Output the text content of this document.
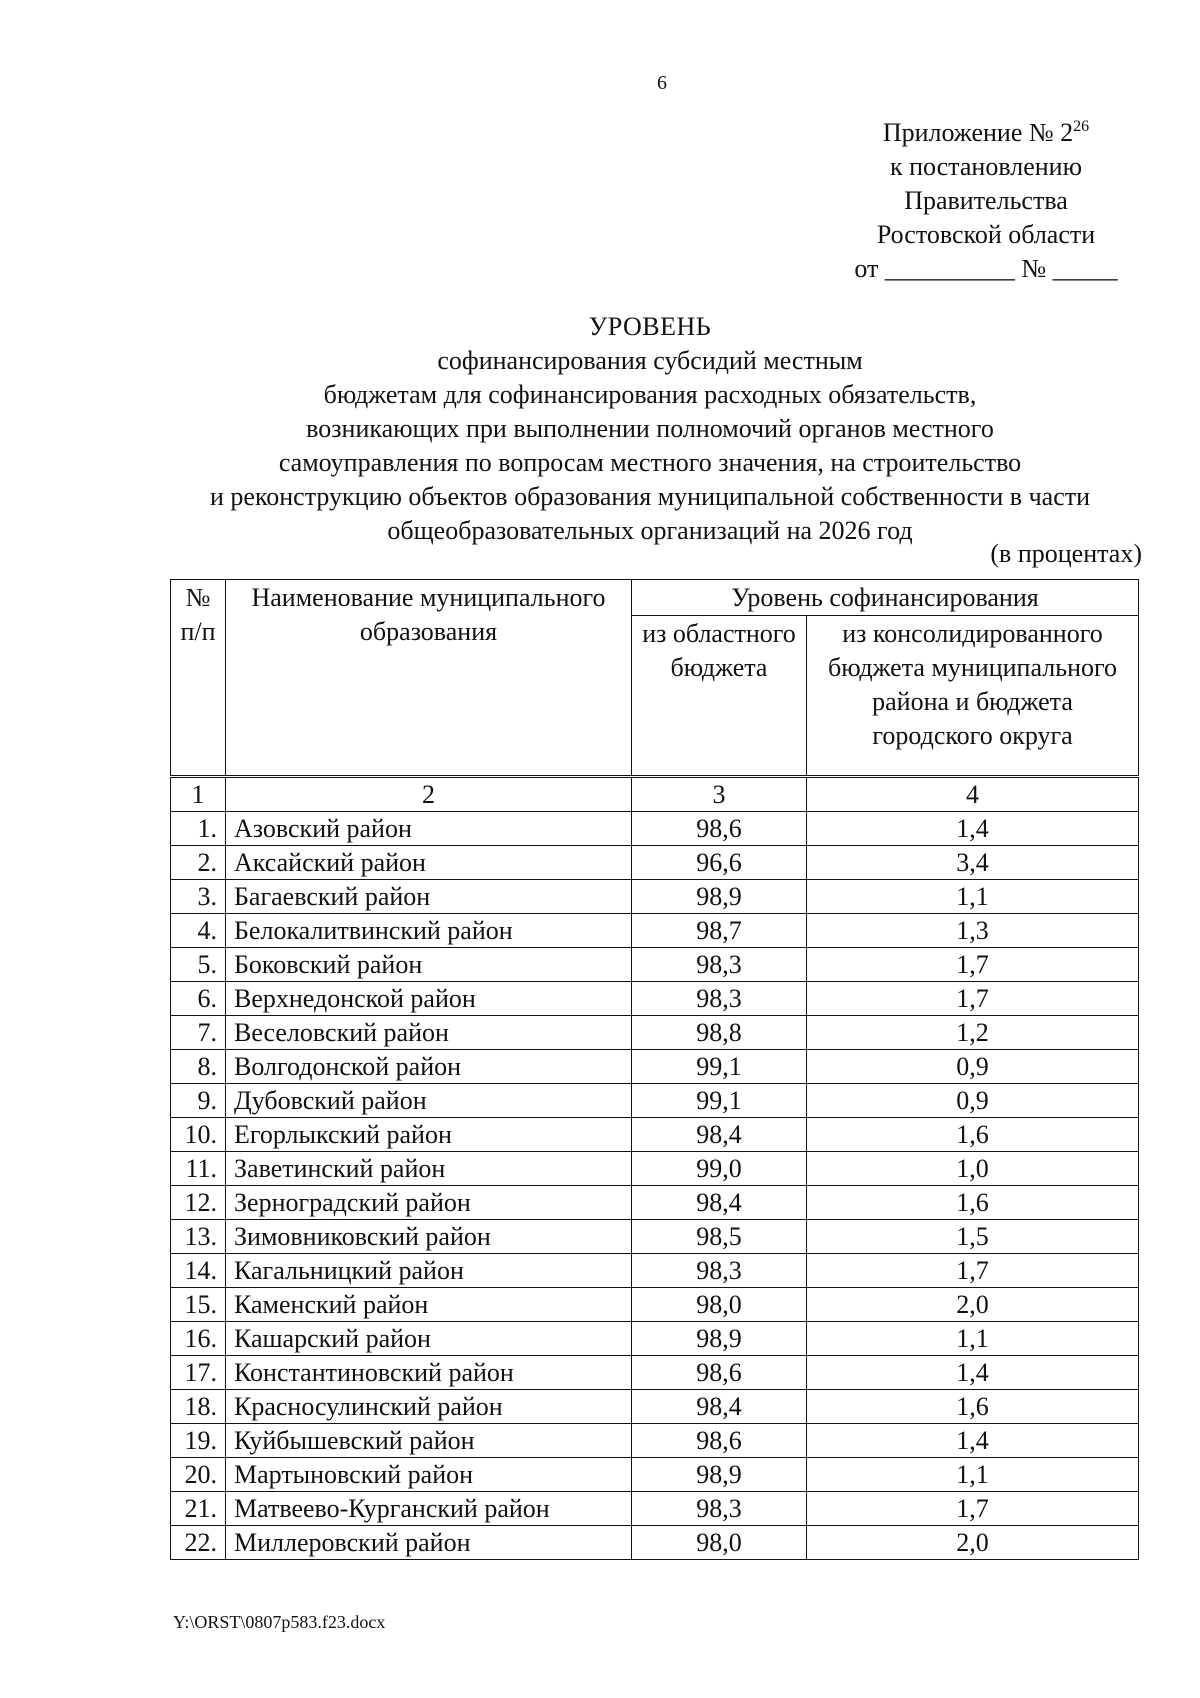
6
Приложение № $2^{26}$
к постановлению
Правительства
Ростовской области
от __________ № _____
УРОВЕНЬ
софинансирования субсидий местным
бюджетам для софинансирования расходных обязательств,
возникающих при выполнении полномочий органов местного
самоуправления по вопросам местного значения, на строительство
и реконструкцию объектов образования муниципальной собственности в части
общеобразовательных организаций на 2026 год
(в процентах)
№ п/п	Наименование муниципального образования	Уровень софинансирования	
		из областного бюджета	из консолидированного бюджета муниципального района и бюджета городского округа
1	2	3	4
1.	Азовский район	98,6	1,4
2.	Аксайский район	96,6	3,4
3.	Багаевский район	98,9	1,1
4.	Белокалитвинский район	98,7	1,3
5.	Боковский район	98,3	1,7
6.	Верхнедонской район	98,3	1,7
7.	Веселовский район	98,8	1,2
8.	Волгодонской район	99,1	0,9
9.	Дубовский район	99,1	0,9
10.	Егорлыкский район	98,4	1,6
11.	Заветинский район	99,0	1,0
12.	Зерноградский район	98,4	1,6
13.	Зимовниковский район	98,5	1,5
14.	Кагальницкий район	98,3	1,7
15.	Каменский район	98,0	2,0
16.	Кашарский район	98,9	1,1
17.	Константиновский район	98,6	1,4
18.	Красносулинский район	98,4	1,6
19.	Куйбышевский район	98,6	1,4
20.	Мартыновский район	98,9	1,1
21.	Матвеево-Курганский район	98,3	1,7
22.	Миллеровский район	98,0	2,0
Y:\ORST\0807p583.f23.docx
